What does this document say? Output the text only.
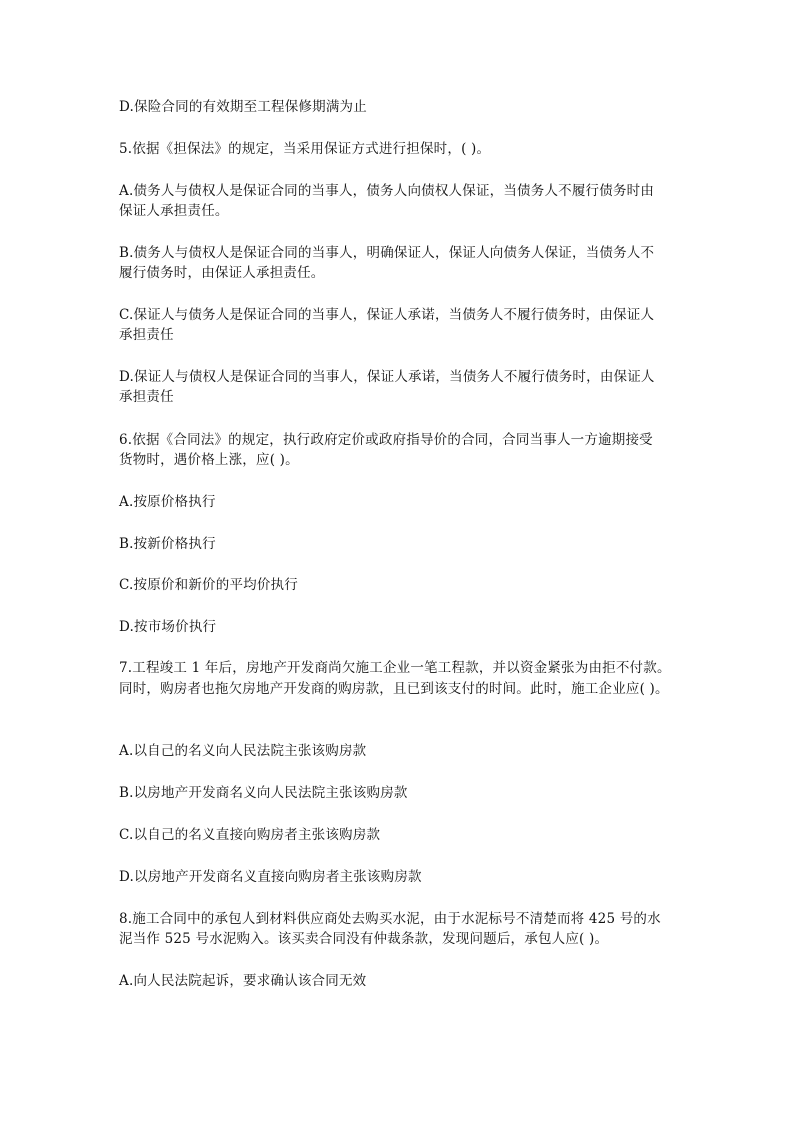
D.保险合同的有效期至工程保修期满为止
5.依据《担保法》的规定，当采用保证方式进行担保时，( )。
A.债务人与债权人是保证合同的当事人，债务人向债权人保证，当债务人不履行债务时由
保证人承担责任。
B.债务人与债权人是保证合同的当事人，明确保证人，保证人向债务人保证，当债务人不
履行债务时，由保证人承担责任。
C.保证人与债务人是保证合同的当事人，保证人承诺，当债务人不履行债务时，由保证人
承担责任
D.保证人与债权人是保证合同的当事人，保证人承诺，当债务人不履行债务时，由保证人
承担责任
6.依据《合同法》的规定，执行政府定价或政府指导价的合同，合同当事人一方逾期接受
货物时，遇价格上涨，应( )。
A.按原价格执行
B.按新价格执行
C.按原价和新价的平均价执行
D.按市场价执行
7.工程竣工 1 年后，房地产开发商尚欠施工企业一笔工程款，并以资金紧张为由拒不付款。
同时，购房者也拖欠房地产开发商的购房款，且已到该支付的时间。此时，施工企业应( )。
A.以自己的名义向人民法院主张该购房款
B.以房地产开发商名义向人民法院主张该购房款
C.以自己的名义直接向购房者主张该购房款
D.以房地产开发商名义直接向购房者主张该购房款
8.施工合同中的承包人到材料供应商处去购买水泥，由于水泥标号不清楚而将 425 号的水
泥当作 525 号水泥购入。该买卖合同没有仲裁条款，发现问题后，承包人应( )。
A.向人民法院起诉，要求确认该合同无效
